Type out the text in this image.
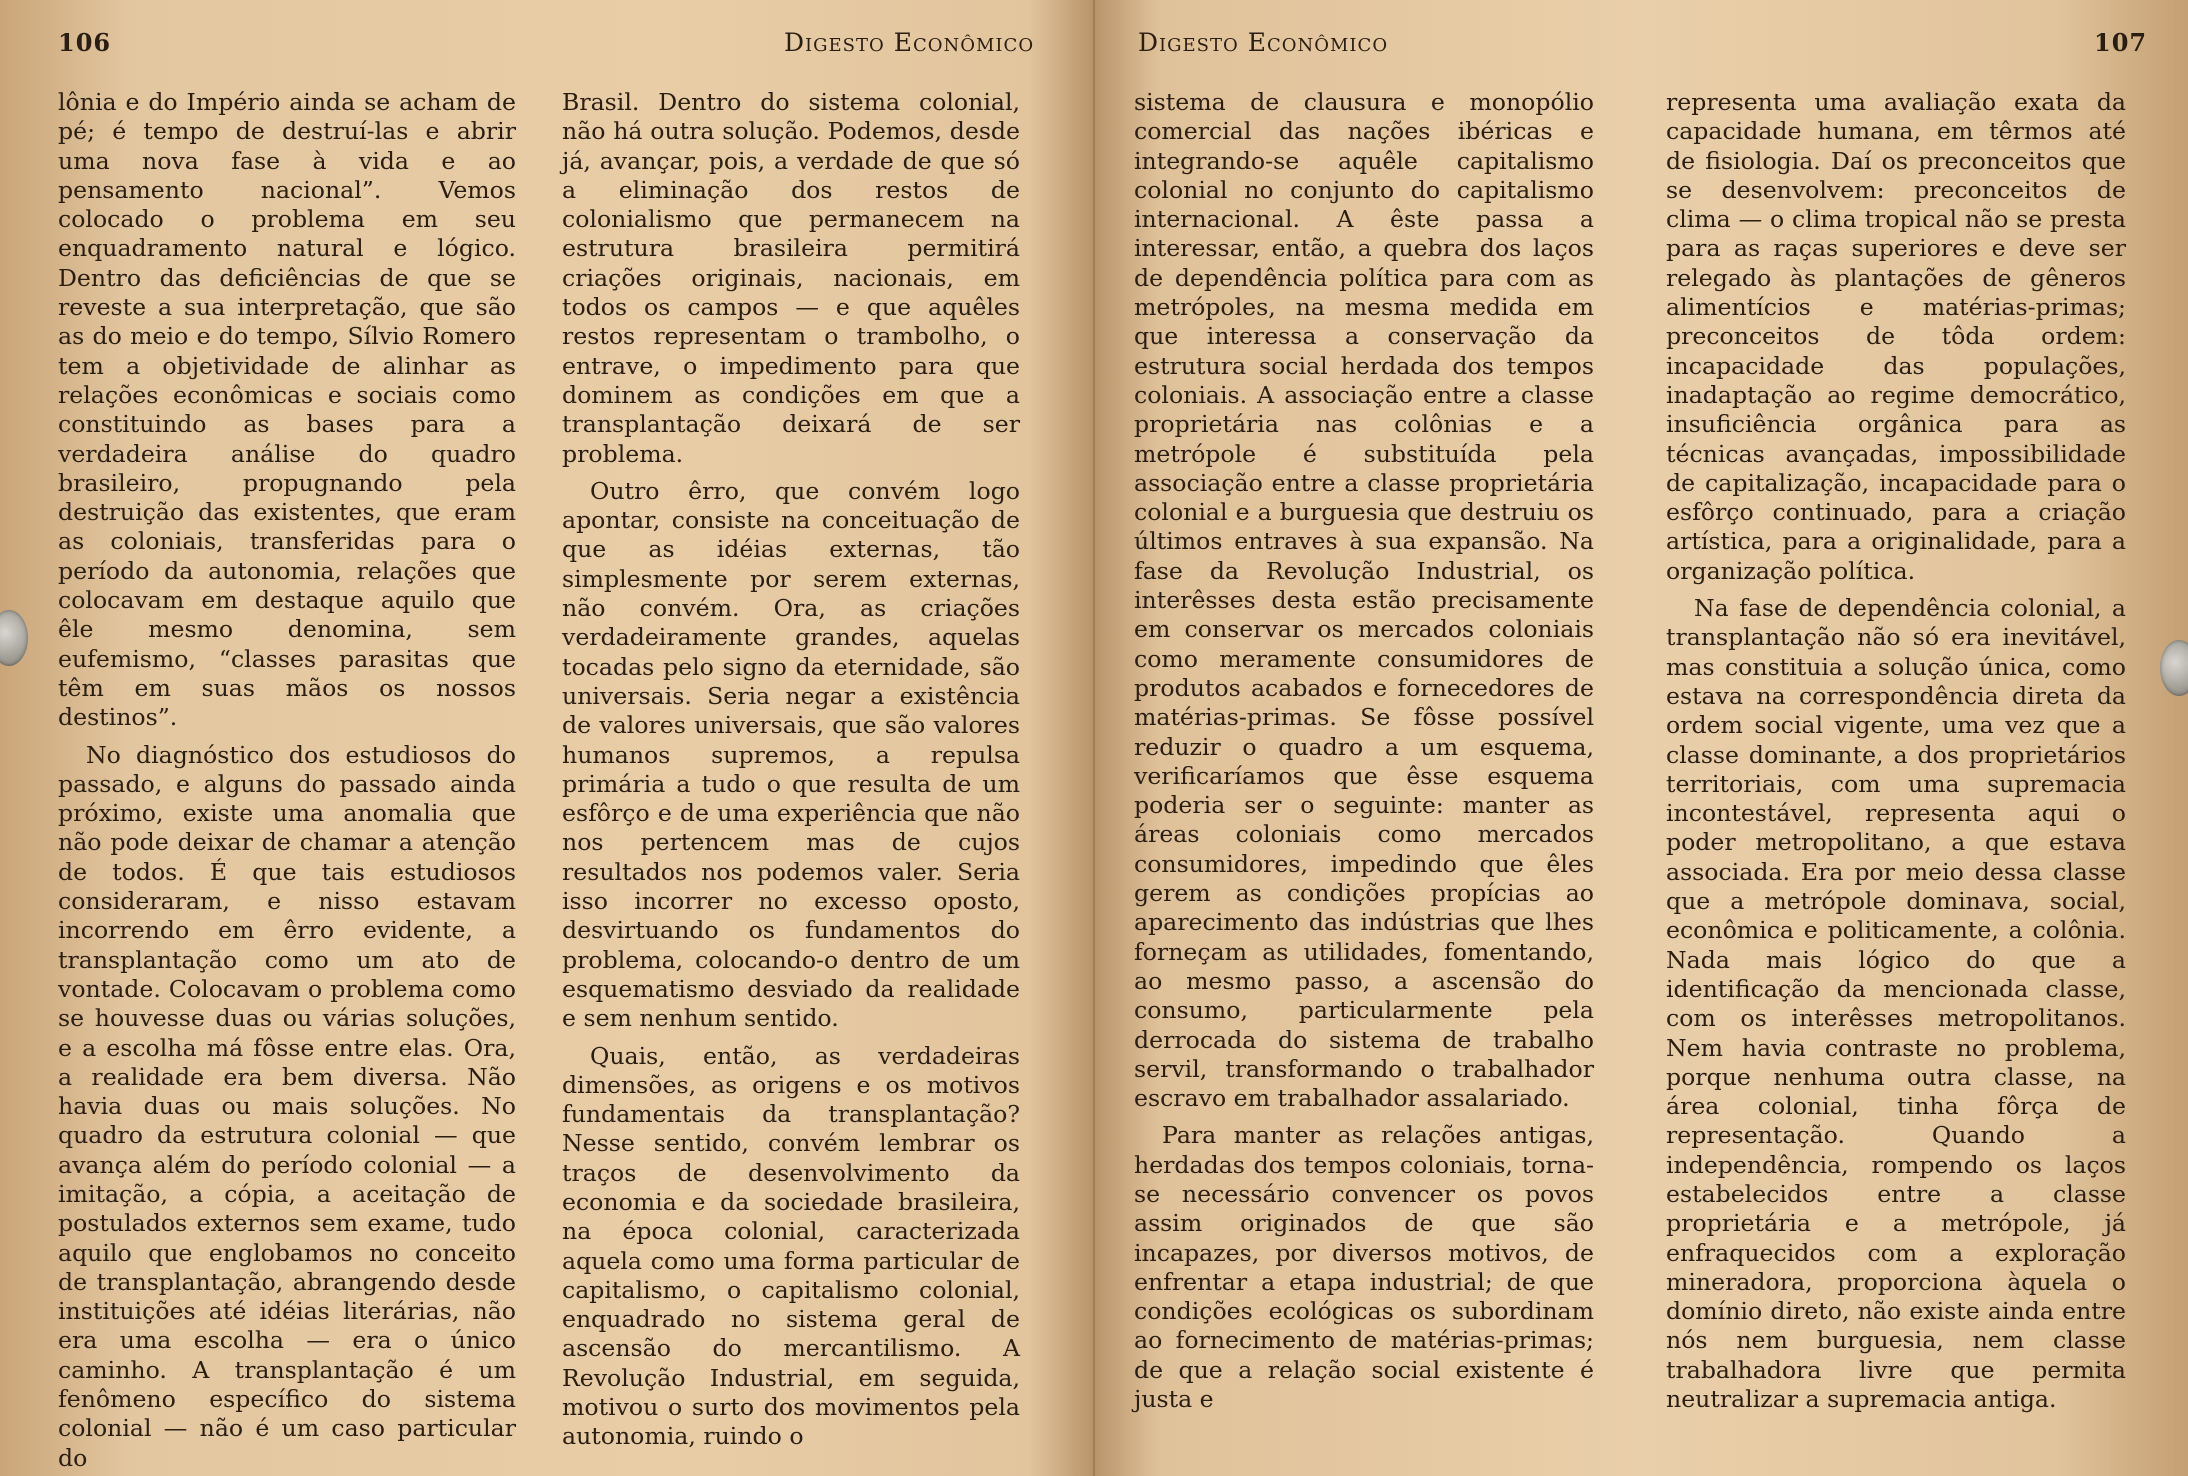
106	Digesto Econômico

lônia e do Império ainda se acham de pé; é tempo de destruí-las e abrir uma nova fase à vida e ao pensamento nacional”. Vemos colocado o problema em seu enquadramento natural e lógico. Dentro das deficiências de que se reveste a sua interpretação, que são as do meio e do tempo, Sílvio Romero tem a objetividade de alinhar as relações econômicas e sociais como constituindo as bases para a verdadeira análise do quadro brasileiro, propugnando pela destruição das existentes, que eram as coloniais, transferidas para o período da autonomia, relações que colocavam em destaque aquilo que êle mesmo denomina, sem eufemismo, “classes parasitas que têm em suas mãos os nossos destinos”.

No diagnóstico dos estudiosos do passado, e alguns do passado ainda próximo, existe uma anomalia que não pode deixar de chamar a atenção de todos. É que tais estudiosos consideraram, e nisso estavam incorrendo em êrro evidente, a transplantação como um ato de vontade. Colocavam o problema como se houvesse duas ou várias soluções, e a escolha má fôsse entre elas. Ora, a realidade era bem diversa. Não havia duas ou mais soluções. No quadro da estrutura colonial — que avança além do período colonial — a imitação, a cópia, a aceitação de postulados externos sem exame, tudo aquilo que englobamos no conceito de transplantação, abrangendo desde instituições até idéias literárias, não era uma escolha — era o único caminho. A transplantação é um fenômeno específico do sistema colonial — não é um caso particular do

Brasil. Dentro do sistema colonial, não há outra solução. Podemos, desde já, avançar, pois, a verdade de que só a eliminação dos restos de colonialismo que permanecem na estrutura brasileira permitirá criações originais, nacionais, em todos os campos — e que aquêles restos representam o trambolho, o entrave, o impedimento para que dominem as condições em que a transplantação deixará de ser problema.

Outro êrro, que convém logo apontar, consiste na conceituação de que as idéias externas, tão simplesmente por serem externas, não convém. Ora, as criações verdadeiramente grandes, aquelas tocadas pelo signo da eternidade, são universais. Seria negar a existência de valores universais, que são valores humanos supremos, a repulsa primária a tudo o que resulta de um esfôrço e de uma experiência que não nos pertencem mas de cujos resultados nos podemos valer. Seria isso incorrer no excesso oposto, desvirtuando os fundamentos do problema, colocando-o dentro de um esquematismo desviado da realidade e sem nenhum sentido.

Quais, então, as verdadeiras dimensões, as origens e os motivos fundamentais da transplantação? Nesse sentido, convém lembrar os traços de desenvolvimento da economia e da sociedade brasileira, na época colonial, caracterizada aquela como uma forma particular de capitalismo, o capitalismo colonial, enquadrado no sistema geral de ascensão do mercantilismo. A Revolução Industrial, em seguida, motivou o surto dos movimentos pela autonomia, ruindo o

Digesto Econômico	107

sistema de clausura e monopólio comercial das nações ibéricas e integrando-se aquêle capitalismo colonial no conjunto do capitalismo internacional. A êste passa a interessar, então, a quebra dos laços de dependência política para com as metrópoles, na mesma medida em que interessa a conservação da estrutura social herdada dos tempos coloniais. A associação entre a classe proprietária nas colônias e a metrópole é substituída pela associação entre a classe proprietária colonial e a burguesia que destruiu os últimos entraves à sua expansão. Na fase da Revolução Industrial, os interêsses desta estão precisamente em conservar os mercados coloniais como meramente consumidores de produtos acabados e fornecedores de matérias-primas. Se fôsse possível reduzir o quadro a um esquema, verificaríamos que êsse esquema poderia ser o seguinte: manter as áreas coloniais como mercados consumidores, impedindo que êles gerem as condições propícias ao aparecimento das indústrias que lhes forneçam as utilidades, fomentando, ao mesmo passo, a ascensão do consumo, particularmente pela derrocada do sistema de trabalho servil, transformando o trabalhador escravo em trabalhador assalariado.

Para manter as relações antigas, herdadas dos tempos coloniais, torna-se necessário convencer os povos assim originados de que são incapazes, por diversos motivos, de enfrentar a etapa industrial; de que condições ecológicas os subordinam ao fornecimento de matérias-primas; de que a relação social existente é justa e

representa uma avaliação exata da capacidade humana, em têrmos até de fisiologia. Daí os preconceitos que se desenvolvem: preconceitos de clima — o clima tropical não se presta para as raças superiores e deve ser relegado às plantações de gêneros alimentícios e matérias-primas; preconceitos de tôda ordem: incapacidade das populações, inadaptação ao regime democrático, insuficiência orgânica para as técnicas avançadas, impossibilidade de capitalização, incapacidade para o esfôrço continuado, para a criação artística, para a originalidade, para a organização política.

Na fase de dependência colonial, a transplantação não só era inevitável, mas constituia a solução única, como estava na correspondência direta da ordem social vigente, uma vez que a classe dominante, a dos proprietários territoriais, com uma supremacia incontestável, representa aqui o poder metropolitano, a que estava associada. Era por meio dessa classe que a metrópole dominava, social, econômica e politicamente, a colônia. Nada mais lógico do que a identificação da mencionada classe, com os interêsses metropolitanos. Nem havia contraste no problema, porque nenhuma outra classe, na área colonial, tinha fôrça de representação. Quando a independência, rompendo os laços estabelecidos entre a classe proprietária e a metrópole, já enfraquecidos com a exploração mineradora, proporciona àquela o domínio direto, não existe ainda entre nós nem burguesia, nem classe trabalhadora livre que permita neutralizar a supremacia antiga.
